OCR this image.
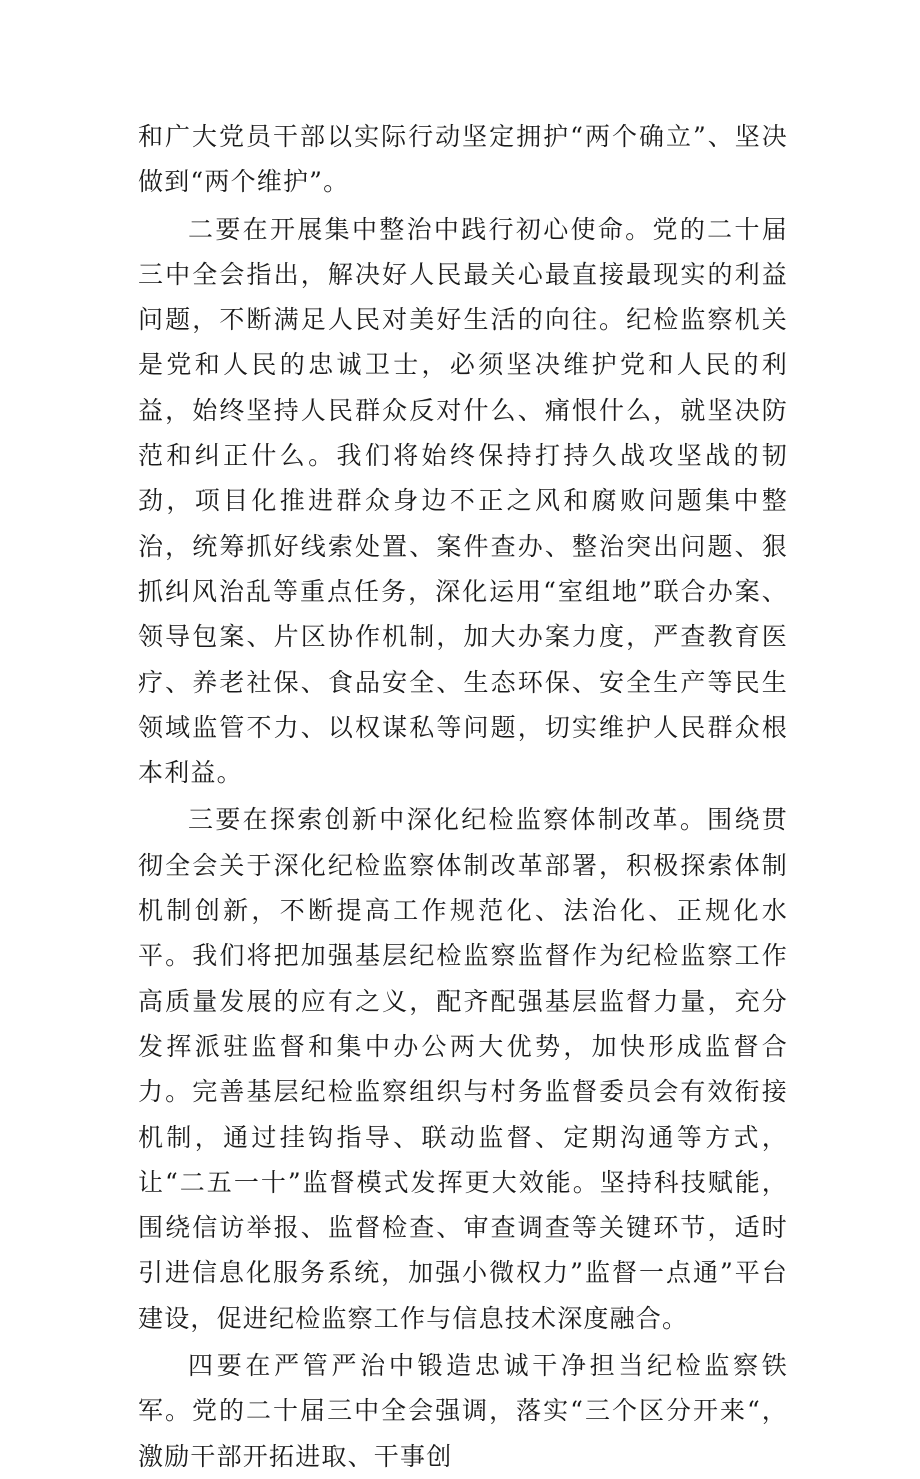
和广大党员干部以实际行动坚定拥护“两个确立”、坚决做到“两个维护”。

二要在开展集中整治中践行初心使命。党的二十届三中全会指出，解决好人民最关心最直接最现实的利益问题，不断满足人民对美好生活的向往。纪检监察机关是党和人民的忠诚卫士，必须坚决维护党和人民的利益，始终坚持人民群众反对什么、痛恨什么，就坚决防范和纠正什么。我们将始终保持打持久战攻坚战的韧劲，项目化推进群众身边不正之风和腐败问题集中整治，统筹抓好线索处置、案件查办、整治突出问题、狠抓纠风治乱等重点任务，深化运用“室组地”联合办案、领导包案、片区协作机制，加大办案力度，严查教育医疗、养老社保、食品安全、生态环保、安全生产等民生领域监管不力、以权谋私等问题，切实维护人民群众根本利益。

三要在探索创新中深化纪检监察体制改革。围绕贯彻全会关于深化纪检监察体制改革部署，积极探索体制机制创新，不断提高工作规范化、法治化、正规化水平。我们将把加强基层纪检监察监督作为纪检监察工作高质量发展的应有之义，配齐配强基层监督力量，充分发挥派驻监督和集中办公两大优势，加快形成监督合力。完善基层纪检监察组织与村务监督委员会有效衔接机制，通过挂钩指导、联动监督、定期沟通等方式，让“二五一十”监督模式发挥更大效能。坚持科技赋能，围绕信访举报、监督检查、审查调查等关键环节，适时引进信息化服务系统，加强小微权力”监督一点通”平台建设，促进纪检监察工作与信息技术深度融合。

四要在严管严治中锻造忠诚干净担当纪检监察铁军。党的二十届三中全会强调，落实“三个区分开来“，激励干部开拓进取、干事创
